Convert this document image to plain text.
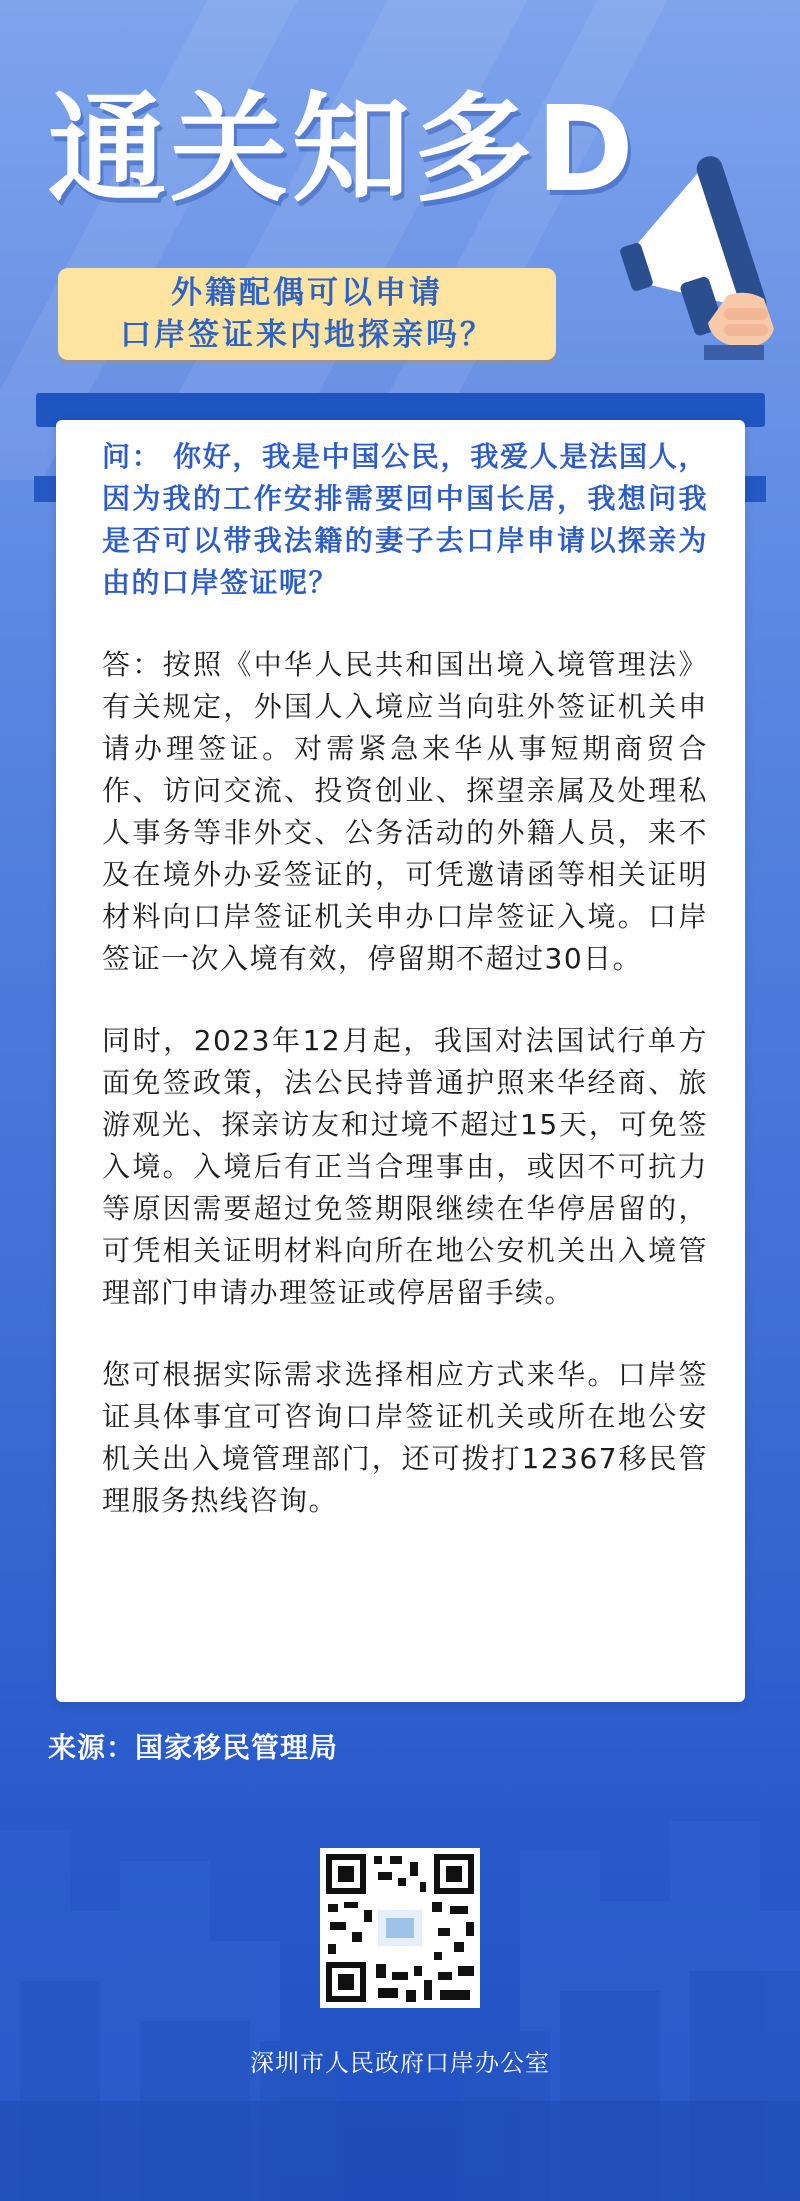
通关知多D
外籍配偶可以申请
口岸签证来内地探亲吗？

问： 你好，我是中国公民，我爱人是法国人，因为我的工作安排需要回中国长居，我想问我是否可以带我法籍的妻子去口岸申请以探亲为由的口岸签证呢？

答：按照《中华人民共和国出境入境管理法》有关规定，外国人入境应当向驻外签证机关申请办理签证。对需紧急来华从事短期商贸合作、访问交流、投资创业、探望亲属及处理私人事务等非外交、公务活动的外籍人员，来不及在境外办妥签证的，可凭邀请函等相关证明材料向口岸签证机关申办口岸签证入境。口岸签证一次入境有效，停留期不超过30日。

同时，2023年12月起，我国对法国试行单方面免签政策，法公民持普通护照来华经商、旅游观光、探亲访友和过境不超过15天，可免签入境。入境后有正当合理事由，或因不可抗力等原因需要超过免签期限继续在华停居留的，可凭相关证明材料向所在地公安机关出入境管理部门申请办理签证或停居留手续。

您可根据实际需求选择相应方式来华。口岸签证具体事宜可咨询口岸签证机关或所在地公安机关出入境管理部门，还可拨打12367移民管理服务热线咨询。

来源：国家移民管理局
深圳市人民政府口岸办公室
